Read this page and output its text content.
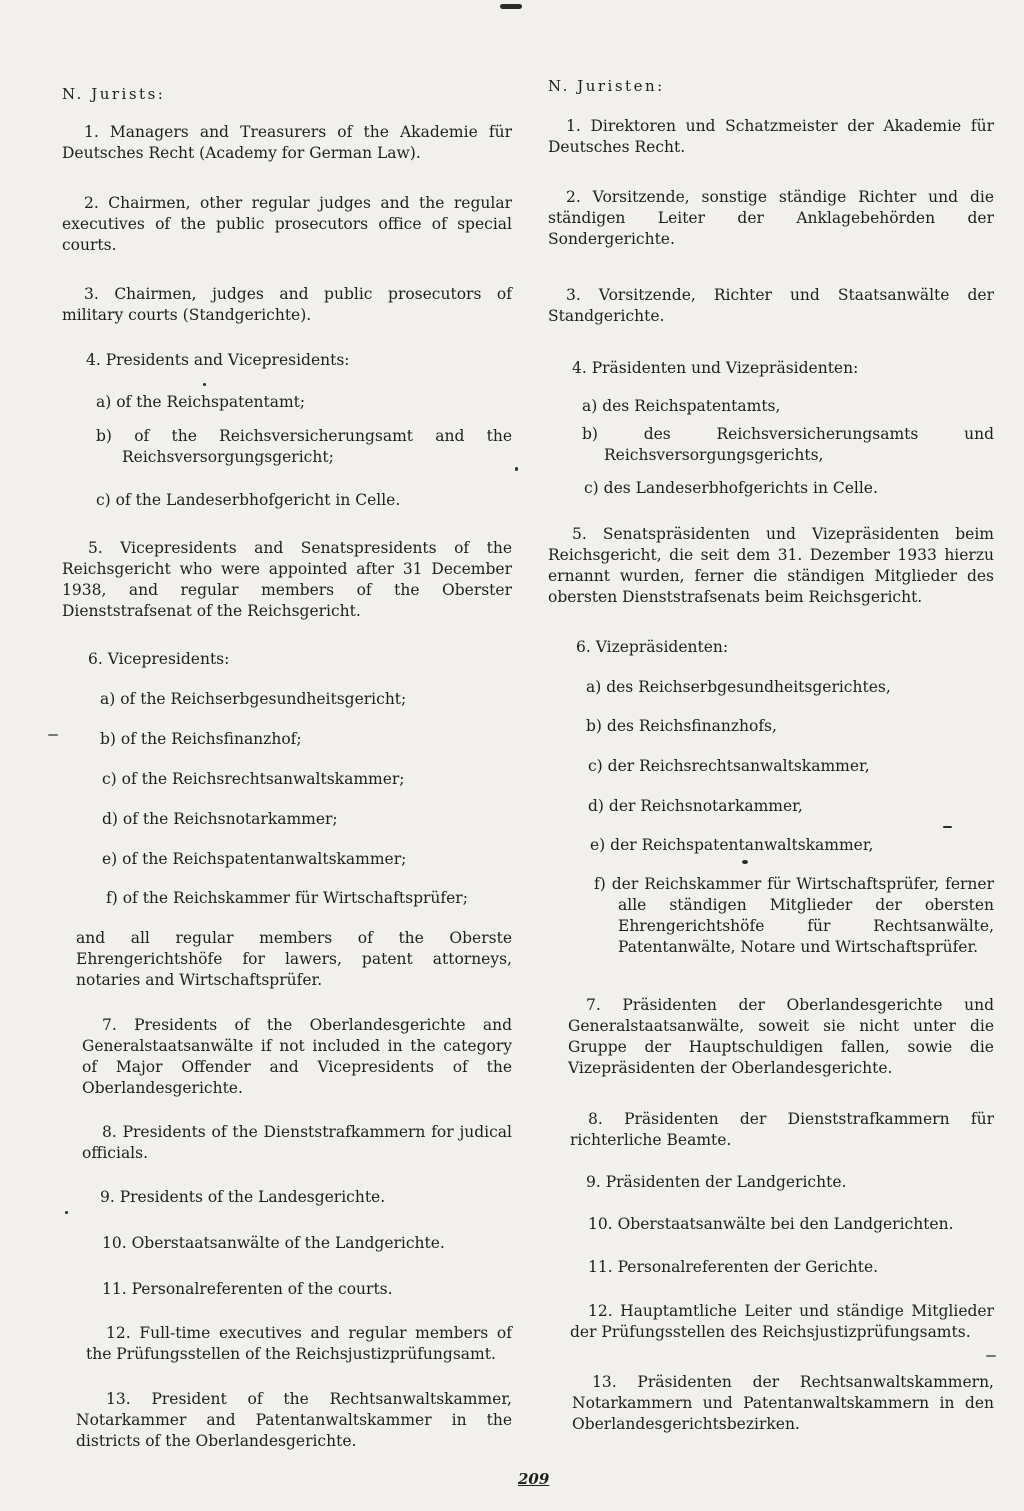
N. Jurists:
1. Managers and Treasurers of the Akademie für Deutsches Recht (Academy for German Law).
2. Chairmen, other regular judges and the regular executives of the public prosecutors office of special courts.
3. Chairmen, judges and public prosecutors of military courts (Standgerichte).
4. Presidents and Vicepresidents:
a) of the Reichspatentamt;
b) of the Reichsversicherungsamt and the Reichsversorgungsgericht;
c) of the Landeserbhofgericht in Celle.
5. Vicepresidents and Senatspresidents of the Reichsgericht who were appointed after 31 December 1938, and regular members of the Oberster Dienststrafsenat of the Reichsgericht.
6. Vicepresidents:
a) of the Reichserbgesundheitsgericht;
b) of the Reichsfinanzhof;
c) of the Reichsrechtsanwaltskammer;
d) of the Reichsnotarkammer;
e) of the Reichspatentanwaltskammer;
f) of the Reichskammer für Wirtschaftsprüfer;
and all regular members of the Oberste Ehrengerichtshöfe for lawers, patent attorneys, notaries and Wirtschaftsprüfer.
7. Presidents of the Oberlandesgerichte and Generalstaatsanwälte if not included in the category of Major Offender and Vicepresidents of the Oberlandesgerichte.
8. Presidents of the Dienststrafkammern for judical officials.
9. Presidents of the Landesgerichte.
10. Oberstaatsanwälte of the Landgerichte.
11. Personalreferenten of the courts.
12. Full-time executives and regular members of the Prüfungsstellen of the Reichsjustizprüfungsamt.
13. President of the Rechtsanwaltskammer, Notarkammer and Patentanwaltskammer in the districts of the Oberlandesgerichte.
N. Juristen:
1. Direktoren und Schatzmeister der Akademie für Deutsches Recht.
2. Vorsitzende, sonstige ständige Richter und die ständigen Leiter der Anklagebehörden der Sondergerichte.
3. Vorsitzende, Richter und Staatsanwälte der Standgerichte.
4. Präsidenten und Vizepräsidenten:
a) des Reichspatentamts,
b) des Reichsversicherungsamts und Reichsversorgungsgerichts,
c) des Landeserbhofgerichts in Celle.
5. Senatspräsidenten und Vizepräsidenten beim Reichsgericht, die seit dem 31. Dezember 1933 hierzu ernannt wurden, ferner die ständigen Mitglieder des obersten Dienststrafsenats beim Reichsgericht.
6. Vizepräsidenten:
a) des Reichserbgesundheitsgerichtes,
b) des Reichsfinanzhofs,
c) der Reichsrechtsanwaltskammer,
d) der Reichsnotarkammer,
e) der Reichspatentanwaltskammer,
f) der Reichskammer für Wirtschaftsprüfer, ferner alle ständigen Mitglieder der obersten Ehrengerichtshöfe für Rechtsanwälte, Patentanwälte, Notare und Wirtschaftsprüfer.
7. Präsidenten der Oberlandesgerichte und Generalstaatsanwälte, soweit sie nicht unter die Gruppe der Hauptschuldigen fallen, sowie die Vizepräsidenten der Oberlandesgerichte.
8. Präsidenten der Dienststrafkammern für richterliche Beamte.
9. Präsidenten der Landgerichte.
10. Oberstaatsanwälte bei den Landgerichten.
11. Personalreferenten der Gerichte.
12. Hauptamtliche Leiter und ständige Mitglieder der Prüfungsstellen des Reichsjustizprüfungsamts.
13. Präsidenten der Rechtsanwaltskammern, Notarkammern und Patentanwaltskammern in den Oberlandesgerichtsbezirken.
209
